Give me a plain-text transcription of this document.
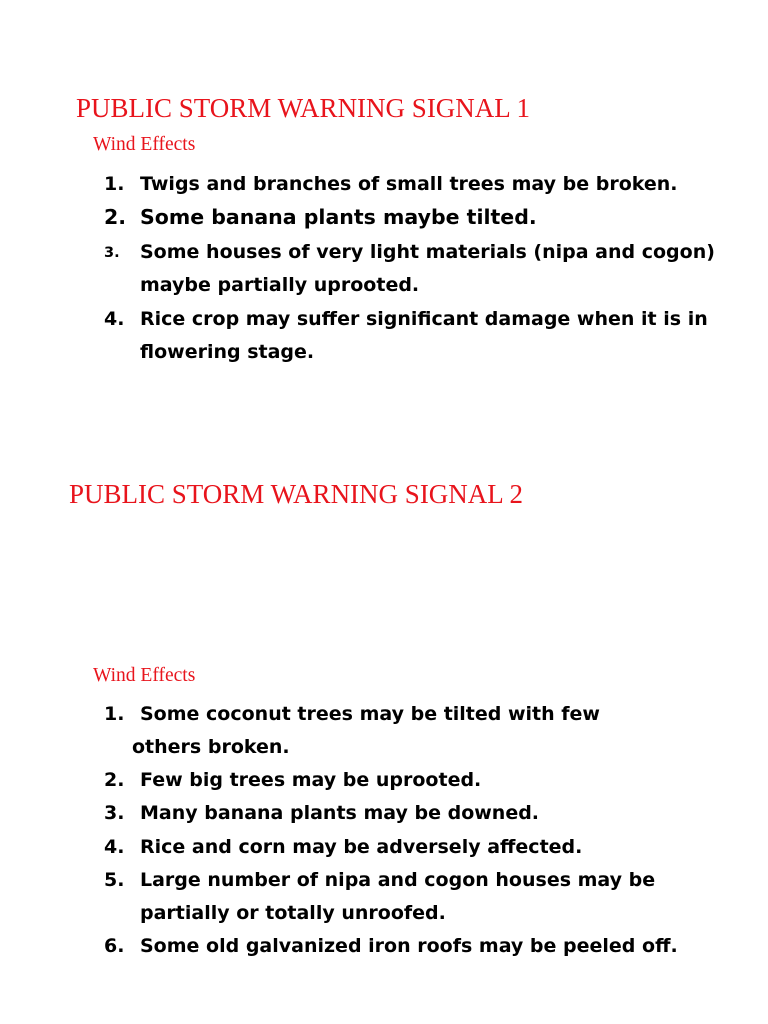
PUBLIC STORM WARNING SIGNAL 1
Wind Effects
1. Twigs and branches of small trees may be broken.
2. Some banana plants maybe tilted.
3. Some houses of very light materials (nipa and cogon)
maybe partially uprooted.
4. Rice crop may suffer significant damage when it is in
flowering stage.
PUBLIC STORM WARNING SIGNAL 2
Wind Effects
1. Some coconut trees may be tilted with few
others broken.
2. Few big trees may be uprooted.
3. Many banana plants may be downed.
4. Rice and corn may be adversely affected.
5. Large number of nipa and cogon houses may be
partially or totally unroofed.
6. Some old galvanized iron roofs may be peeled off.
